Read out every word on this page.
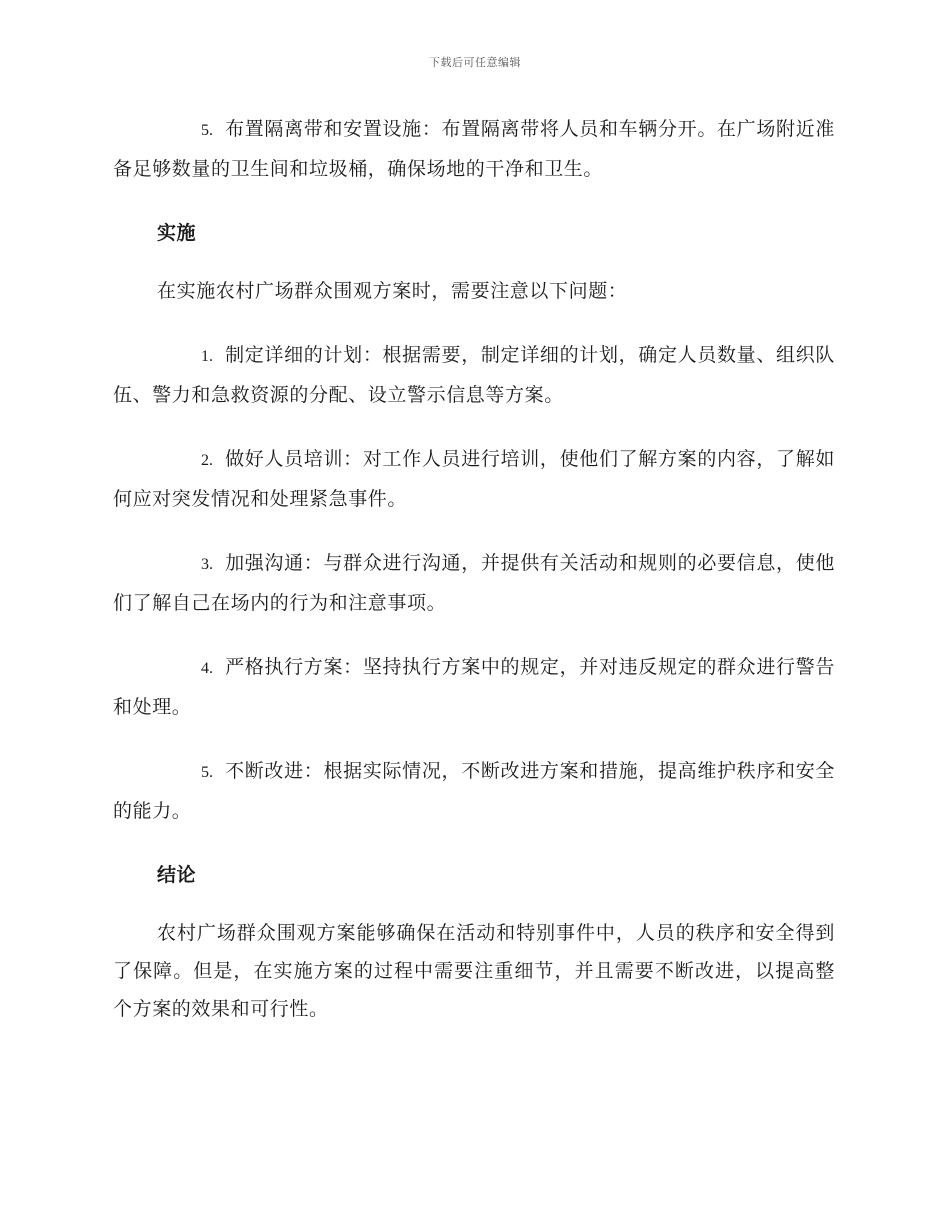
下载后可任意编辑

5. 布置隔离带和安置设施：布置隔离带将人员和车辆分开。在广场附近准备足够数量的卫生间和垃圾桶，确保场地的干净和卫生。

实施

在实施农村广场群众围观方案时，需要注意以下问题：

1. 制定详细的计划：根据需要，制定详细的计划，确定人员数量、组织队伍、警力和急救资源的分配、设立警示信息等方案。

2. 做好人员培训：对工作人员进行培训，使他们了解方案的内容，了解如何应对突发情况和处理紧急事件。

3. 加强沟通：与群众进行沟通，并提供有关活动和规则的必要信息，使他们了解自己在场内的行为和注意事项。

4. 严格执行方案：坚持执行方案中的规定，并对违反规定的群众进行警告和处理。

5. 不断改进：根据实际情况，不断改进方案和措施，提高维护秩序和安全的能力。

结论

农村广场群众围观方案能够确保在活动和特别事件中，人员的秩序和安全得到了保障。但是，在实施方案的过程中需要注重细节，并且需要不断改进，以提高整个方案的效果和可行性。
